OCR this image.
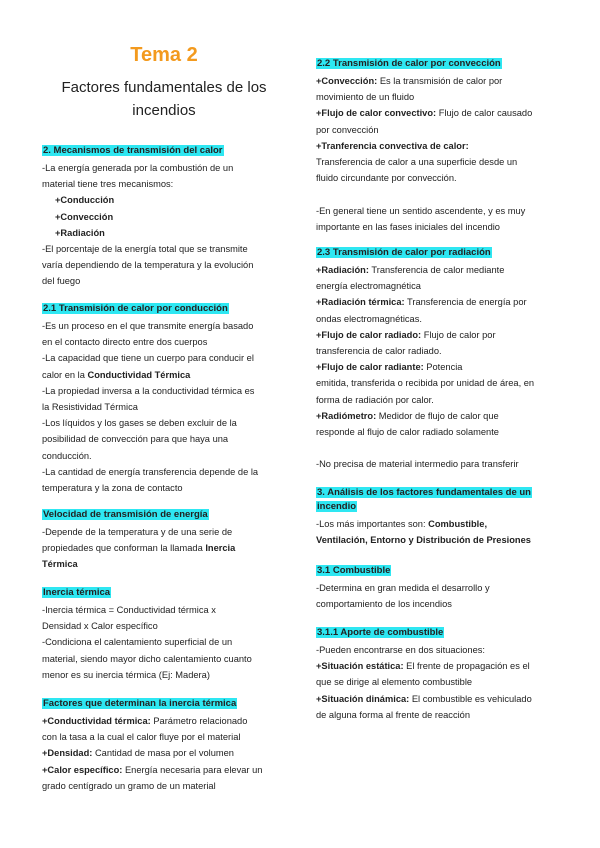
Tema 2
Factores fundamentales de los
incendios
2. Mecanismos de transmisión del calor

-La energía generada por la combustión de un

material tiene tres mecanismos:

+Conducción

+Convección

+Radiación

-El porcentaje de la energía total que se transmite

varía dependiendo de la temperatura y la evolución

del fuego

2.1 Transmisión de calor por conducción

-Es un proceso en el que transmite energía basado

en el contacto directo entre dos cuerpos

-La capacidad que tiene un cuerpo para conducir el

calor en la Conductividad Térmica

-La propiedad inversa a la conductividad térmica es

la Resistividad Térmica

-Los líquidos y los gases se deben excluir de la

posibilidad de convección para que haya una

conducción.

-La cantidad de energía transferencia depende de la

temperatura y la zona de contacto

Velocidad de transmisión de energía

-Depende de la temperatura y de una serie de

propiedades que conforman la llamada Inercia

Térmica

Inercia térmica

-Inercia térmica = Conductividad térmica x

Densidad x Calor específico

-Condiciona el calentamiento superficial de un

material, siendo mayor dicho calentamiento cuanto

menor es su inercia térmica (Ej: Madera)

Factores que determinan la inercia térmica

+Conductividad térmica: Parámetro relacionado

con la tasa a la cual el calor fluye por el material

+Densidad: Cantidad de masa por el volumen

+Calor específico: Energía necesaria para elevar un

grado centígrado un gramo de un material

2.2 Transmisión de calor por convección

+Convección: Es la transmisión de calor por

movimiento de un fluido

+Flujo de calor convectivo: Flujo de calor causado

por convección

+Tranferencia convectiva de calor:

Transferencia de calor a una superficie desde un

fluido circundante por convección.

-En general tiene un sentido ascendente, y es muy

importante en las fases iniciales del incendio

2.3 Transmisión de calor por radiación

+Radiación: Transferencia de calor mediante

energía electromagnética

+Radiación térmica: Transferencia de energía por

ondas electromagnéticas.

+Flujo de calor radiado: Flujo de calor por

transferencia de calor radiado.

+Flujo de calor radiante: Potencia

emitida, transferida o recibida por unidad de área, en

forma de radiación por calor.

+Radiómetro: Medidor de flujo de calor que

responde al flujo de calor radiado solamente

-No precisa de material intermedio para transferir

3. Análisis de los factores fundamentales de un
incendio

-Los más importantes son: Combustible,

Ventilación, Entorno y Distribución de Presiones

3.1 Combustible

-Determina en gran medida el desarrollo y

comportamiento de los incendios

3.1.1 Aporte de combustible

-Pueden encontrarse en dos situaciones:

+Situación estática: El frente de propagación es el

que se dirige al elemento combustible

+Situación dinámica: El combustible es vehiculado

de alguna forma al frente de reacción
